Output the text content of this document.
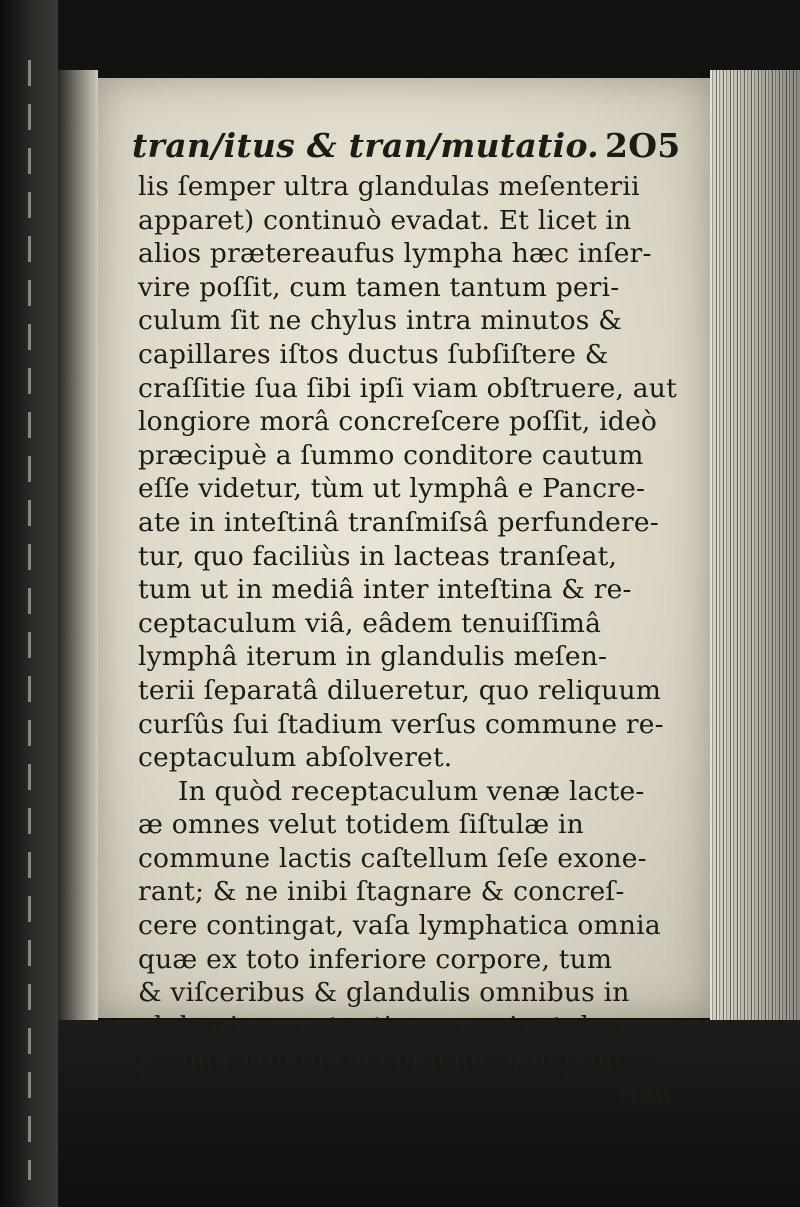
tran/itus & tran/mutatio. 2O5
lis ſemper ultra glandulas meſenterii
apparet) continuò evadat. Et licet in
alios prætereaufus lympha hæc inſer-
vire poſſit, cum tamen tantum peri-
culum ſit ne chylus intra minutos &
capillares iſtos ductus ſubſiſtere &
craſſitie ſua ſibi ipſi viam obſtruere, aut
longiore morâ concreſcere poſſit, ideò
præcipuè a ſummo conditore cautum
eſſe videtur, tùm ut lymphâ e Pancre-
ate in inteſtinâ tranſmiſsâ perfundere-
tur, quo faciliùs in lacteas tranſeat,
tum ut in mediâ inter inteſtina & re-
ceptaculum viâ, eâdem tenuiſſimâ
lymphâ iterum in glandulis meſen-
terii ſeparatâ dilueretur, quo reliquum
curſûs ſui ſtadium verſus commune re-
ceptaculum abſolveret.
In quòd receptaculum venæ lacte-
æ omnes velut totidem ſiſtulæ in
commune lactis caſtellum ſeſe exone-
rant; & ne inibi ſtagnare & concreſ-
cere contingat, vaſa lymphatica omnia
quæ ex toto inferiore corpore, tum
& viſceribus & glandulis omnibus in
abdomine contentis proveniunt, lym-
pham ſuam in receptaculum deponunt,
tum
